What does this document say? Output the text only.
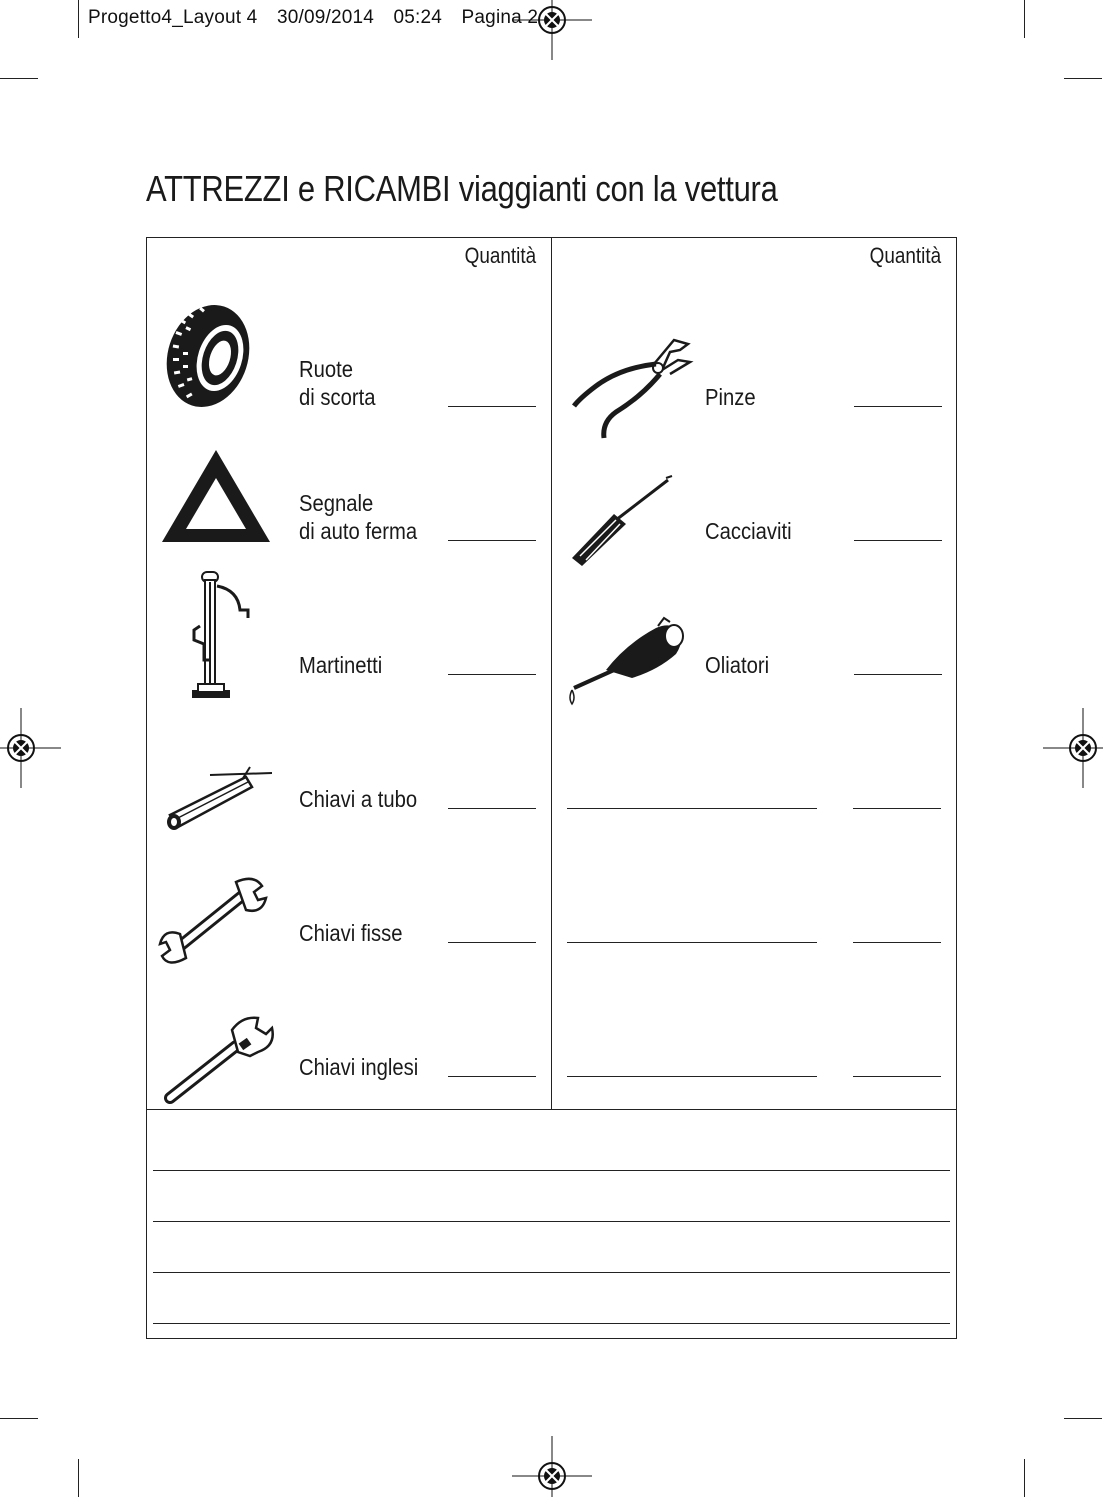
Progetto4_Layout 4 30/09/2014 05:24 Pagina 2
ATTREZZI e RICAMBI viaggianti con la vettura
Quantità	Quantità
Ruote
di scorta
Segnale
di auto ferma
Martinetti
Chiavi a tubo
Chiavi fisse
Chiavi inglesi
Pinze
Cacciaviti
Oliatori
